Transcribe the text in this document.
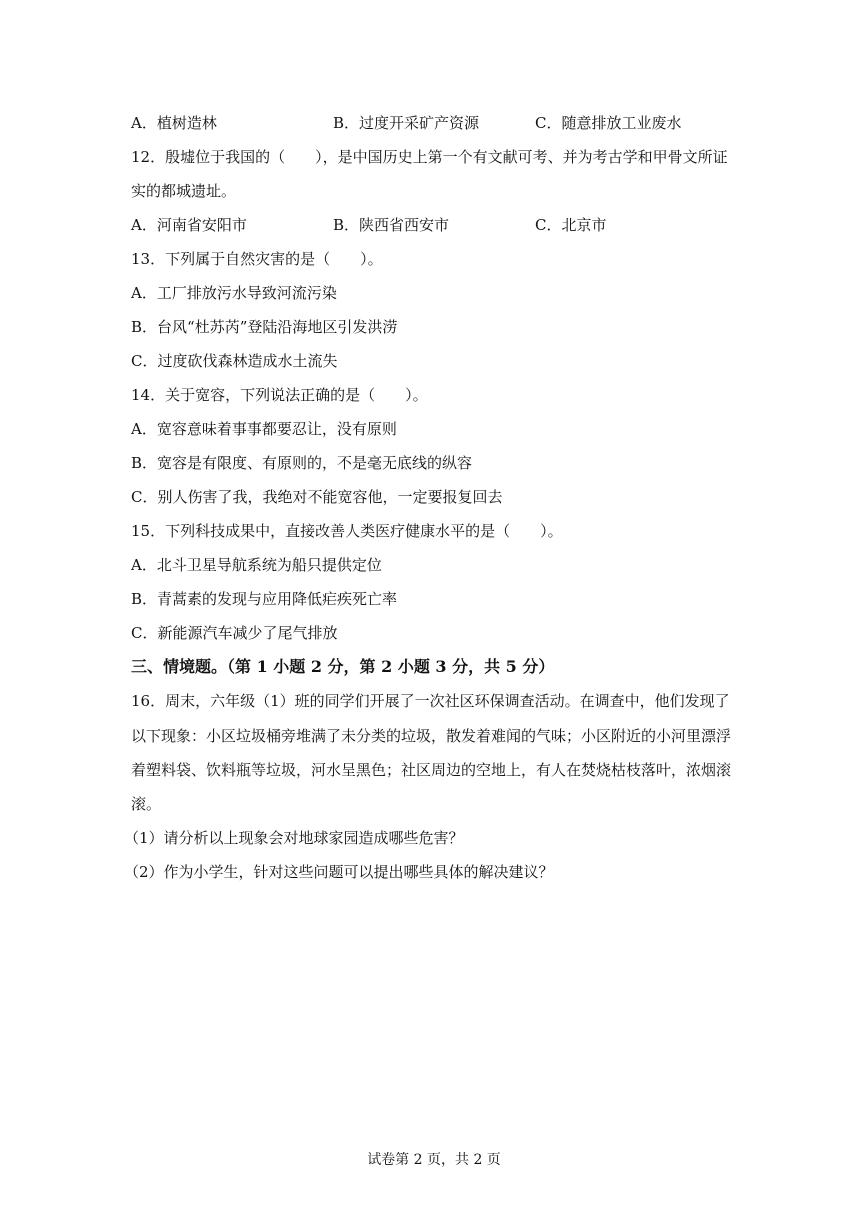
A．植树造林	B．过度开采矿产资源	C．随意排放工业废水
12．殷墟位于我国的（　　），是中国历史上第一个有文献可考、并为考古学和甲骨文所证
实的都城遗址。
A．河南省安阳市	B．陕西省西安市	C．北京市
13．下列属于自然灾害的是（　　）。
A．工厂排放污水导致河流污染
B．台风“杜苏芮”登陆沿海地区引发洪涝
C．过度砍伐森林造成水土流失
14．关于宽容，下列说法正确的是（　　）。
A．宽容意味着事事都要忍让，没有原则
B．宽容是有限度、有原则的，不是毫无底线的纵容
C．别人伤害了我，我绝对不能宽容他，一定要报复回去
15．下列科技成果中，直接改善人类医疗健康水平的是（　　）。
A．北斗卫星导航系统为船只提供定位
B．青蒿素的发现与应用降低疟疾死亡率
C．新能源汽车减少了尾气排放
三、情境题。（第 1 小题 2 分，第 2 小题 3 分，共 5 分）
16．周末，六年级（1）班的同学们开展了一次社区环保调查活动。在调查中，他们发现了
以下现象：小区垃圾桶旁堆满了未分类的垃圾，散发着难闻的气味；小区附近的小河里漂浮
着塑料袋、饮料瓶等垃圾，河水呈黑色；社区周边的空地上，有人在焚烧枯枝落叶，浓烟滚
滚。
（1）请分析以上现象会对地球家园造成哪些危害？
（2）作为小学生，针对这些问题可以提出哪些具体的解决建议？
试卷第 2 页，共 2 页
